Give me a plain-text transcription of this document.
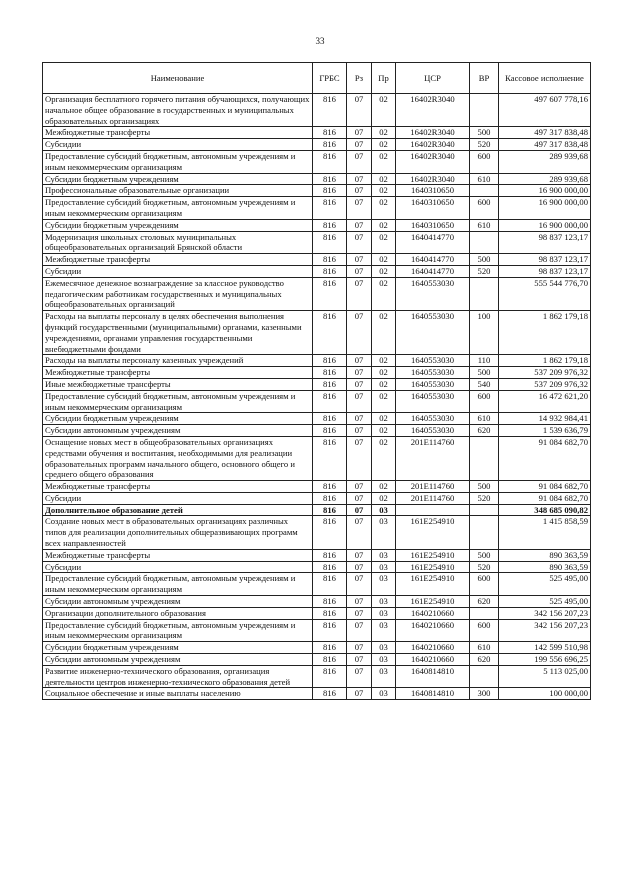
33
Наименование	ГРБС	Рз	Пр	ЦСР	ВР	Кассовое исполнение
Организация бесплатного горячего питания обучающихся, получающих начальное общее образование в государственных и муниципальных образовательных организациях	816	07	02	16402R3040		497 607 778,16
Межбюджетные трансферты	816	07	02	16402R3040	500	497 317 838,48
Субсидии	816	07	02	16402R3040	520	497 317 838,48
Предоставление субсидий бюджетным, автономным учреждениям и иным некоммерческим организациям	816	07	02	16402R3040	600	289 939,68
Субсидии бюджетным учреждениям	816	07	02	16402R3040	610	289 939,68
Профессиональные образовательные организации	816	07	02	1640310650		16 900 000,00
Предоставление субсидий бюджетным, автономным учреждениям и иным некоммерческим организациям	816	07	02	1640310650	600	16 900 000,00
Субсидии бюджетным учреждениям	816	07	02	1640310650	610	16 900 000,00
Модернизация школьных столовых муниципальных общеобразовательных организаций Брянской области	816	07	02	1640414770		98 837 123,17
Межбюджетные трансферты	816	07	02	1640414770	500	98 837 123,17
Субсидии	816	07	02	1640414770	520	98 837 123,17
Ежемесячное денежное вознаграждение за классное руководство педагогическим работникам государственных и муниципальных общеобразовательных организаций	816	07	02	1640553030		555 544 776,70
Расходы на выплаты персоналу в целях обеспечения выполнения функций государственными (муниципальными) органами, казенными учреждениями, органами управления государственными внебюджетными фондами	816	07	02	1640553030	100	1 862 179,18
Расходы на выплаты персоналу казенных учреждений	816	07	02	1640553030	110	1 862 179,18
Межбюджетные трансферты	816	07	02	1640553030	500	537 209 976,32
Иные межбюджетные трансферты	816	07	02	1640553030	540	537 209 976,32
Предоставление субсидий бюджетным, автономным учреждениям и иным некоммерческим организациям	816	07	02	1640553030	600	16 472 621,20
Субсидии бюджетным учреждениям	816	07	02	1640553030	610	14 932 984,41
Субсидии автономным учреждениям	816	07	02	1640553030	620	1 539 636,79
Оснащение новых мест в общеобразовательных организациях средствами обучения и воспитания, необходимыми для реализации образовательных программ начального общего, основного общего и среднего общего образования	816	07	02	201E114760		91 084 682,70
Межбюджетные трансферты	816	07	02	201E114760	500	91 084 682,70
Субсидии	816	07	02	201E114760	520	91 084 682,70
Дополнительное образование детей	816	07	03			348 685 090,82
Создание новых мест в образовательных организациях различных типов для реализации дополнительных общеразвивающих программ всех направленностей	816	07	03	161E254910		1 415 858,59
Межбюджетные трансферты	816	07	03	161E254910	500	890 363,59
Субсидии	816	07	03	161E254910	520	890 363,59
Предоставление субсидий бюджетным, автономным учреждениям и иным некоммерческим организациям	816	07	03	161E254910	600	525 495,00
Субсидии автономным учреждениям	816	07	03	161E254910	620	525 495,00
Организации дополнительного образования	816	07	03	1640210660		342 156 207,23
Предоставление субсидий бюджетным, автономным учреждениям и иным некоммерческим организациям	816	07	03	1640210660	600	342 156 207,23
Субсидии бюджетным учреждениям	816	07	03	1640210660	610	142 599 510,98
Субсидии автономным учреждениям	816	07	03	1640210660	620	199 556 696,25
Развитие инженерно-технического образования, организация деятельности центров инженерно-технического образования детей	816	07	03	1640814810		5 113 025,00
Социальное обеспечение и иные выплаты населению	816	07	03	1640814810	300	100 000,00
